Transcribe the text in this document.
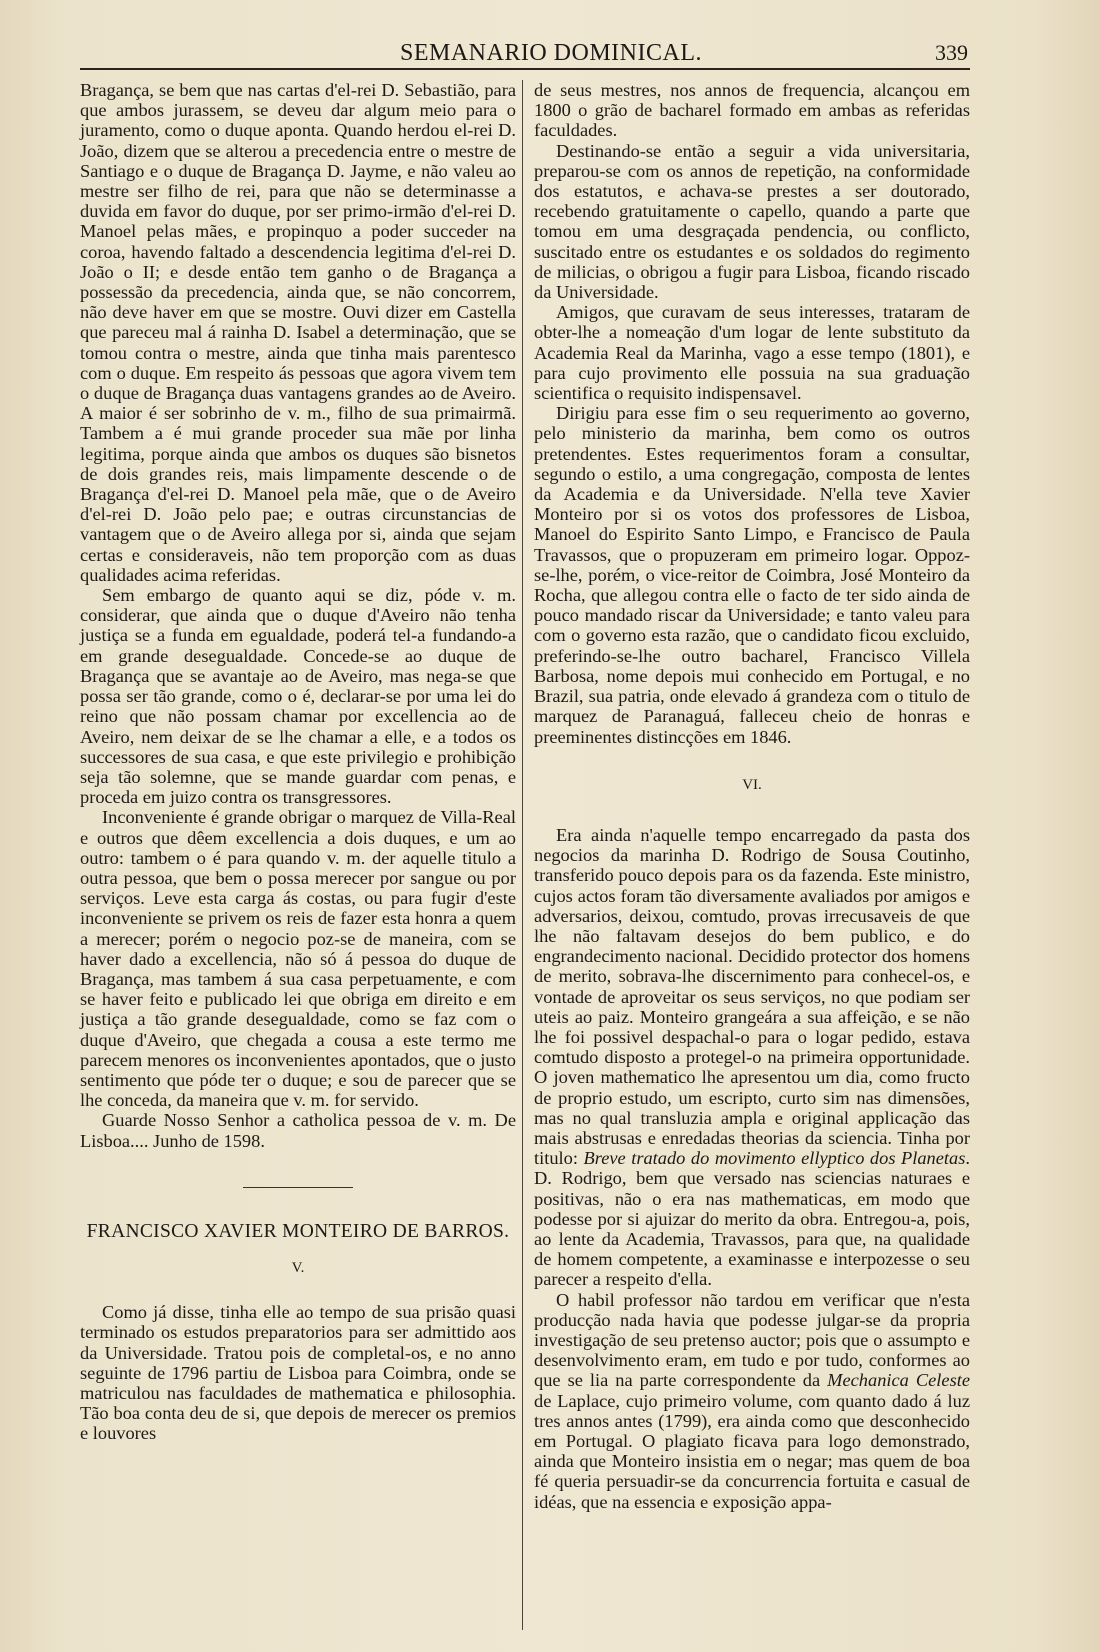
SEMANARIO DOMINICAL.	339

Bragança, se bem que nas cartas d'el-rei D. Sebastião, para que ambos jurassem, se deveu dar algum meio para o juramento, como o duque aponta. Quando herdou el-rei D. João, dizem que se alterou a precedencia entre o mestre de Santiago e o duque de Bragança D. Jayme, e não valeu ao mestre ser filho de rei, para que não se determinasse a duvida em favor do duque, por ser primo-irmão d'el-rei D. Manoel pelas mães, e propinquo a poder succeder na coroa, havendo faltado a descendencia legitima d'el-rei D. João o II; e desde então tem ganho o de Bragança a possessão da precedencia, ainda que, se não concorrem, não deve haver em que se mostre. Ouvi dizer em Castella que pareceu mal á rainha D. Isabel a determinação, que se tomou contra o mestre, ainda que tinha mais parentesco com o duque. Em respeito ás pessoas que agora vivem tem o duque de Bragança duas vantagens grandes ao de Aveiro. A maior é ser sobrinho de v. m., filho de sua primairmã. Tambem a é mui grande proceder sua mãe por linha legitima, porque ainda que ambos os duques são bisnetos de dois grandes reis, mais limpamente descende o de Bragança d'el-rei D. Manoel pela mãe, que o de Aveiro d'el-rei D. João pelo pae; e outras circunstancias de vantagem que o de Aveiro allega por si, ainda que sejam certas e consideraveis, não tem proporção com as duas qualidades acima referidas.

Sem embargo de quanto aqui se diz, póde v. m. considerar, que ainda que o duque d'Aveiro não tenha justiça se a funda em egualdade, poderá tel-a fundando-a em grande desegualdade. Concede-se ao duque de Bragança que se avantaje ao de Aveiro, mas nega-se que possa ser tão grande, como o é, declarar-se por uma lei do reino que não possam chamar por excellencia ao de Aveiro, nem deixar de se lhe chamar a elle, e a todos os successores de sua casa, e que este privilegio e prohibição seja tão solemne, que se mande guardar com penas, e proceda em juizo contra os transgressores.

Inconveniente é grande obrigar o marquez de Villa-Real e outros que dêem excellencia a dois duques, e um ao outro: tambem o é para quando v. m. der aquelle titulo a outra pessoa, que bem o possa merecer por sangue ou por serviços. Leve esta carga ás costas, ou para fugir d'este inconveniente se privem os reis de fazer esta honra a quem a merecer; porém o negocio poz-se de maneira, com se haver dado a excellencia, não só á pessoa do duque de Bragança, mas tambem á sua casa perpetuamente, e com se haver feito e publicado lei que obriga em direito e em justiça a tão grande desegualdade, como se faz com o duque d'Aveiro, que chegada a cousa a este termo me parecem menores os inconvenientes apontados, que o justo sentimento que póde ter o duque; e sou de parecer que se lhe conceda, da maneira que v. m. for servido.

Guarde Nosso Senhor a catholica pessoa de v. m. De Lisboa.... Junho de 1598.

FRANCISCO XAVIER MONTEIRO DE BARROS.
V.

Como já disse, tinha elle ao tempo de sua prisão quasi terminado os estudos preparatorios para ser admittido aos da Universidade. Tratou pois de completal-os, e no anno seguinte de 1796 partiu de Lisboa para Coimbra, onde se matriculou nas faculdades de mathematica e philosophia. Tão boa conta deu de si, que depois de merecer os premios e louvores

de seus mestres, nos annos de frequencia, alcançou em 1800 o grão de bacharel formado em ambas as referidas faculdades.

Destinando-se então a seguir a vida universitaria, preparou-se com os annos de repetição, na conformidade dos estatutos, e achava-se prestes a ser doutorado, recebendo gratuitamente o capello, quando a parte que tomou em uma desgraçada pendencia, ou conflicto, suscitado entre os estudantes e os soldados do regimento de milicias, o obrigou a fugir para Lisboa, ficando riscado da Universidade.

Amigos, que curavam de seus interesses, trataram de obter-lhe a nomeação d'um logar de lente substituto da Academia Real da Marinha, vago a esse tempo (1801), e para cujo provimento elle possuia na sua graduação scientifica o requisito indispensavel.

Dirigiu para esse fim o seu requerimento ao governo, pelo ministerio da marinha, bem como os outros pretendentes. Estes requerimentos foram a consultar, segundo o estilo, a uma congregação, composta de lentes da Academia e da Universidade. N'ella teve Xavier Monteiro por si os votos dos professores de Lisboa, Manoel do Espirito Santo Limpo, e Francisco de Paula Travassos, que o propuzeram em primeiro logar. Oppoz-se-lhe, porém, o vice-reitor de Coimbra, José Monteiro da Rocha, que allegou contra elle o facto de ter sido ainda de pouco mandado riscar da Universidade; e tanto valeu para com o governo esta razão, que o candidato ficou excluido, preferindo-se-lhe outro bacharel, Francisco Villela Barbosa, nome depois mui conhecido em Portugal, e no Brazil, sua patria, onde elevado á grandeza com o titulo de marquez de Paranaguá, falleceu cheio de honras e preeminentes distincções em 1846.

VI.

Era ainda n'aquelle tempo encarregado da pasta dos negocios da marinha D. Rodrigo de Sousa Coutinho, transferido pouco depois para os da fazenda. Este ministro, cujos actos foram tão diversamente avaliados por amigos e adversarios, deixou, comtudo, provas irrecusaveis de que lhe não faltavam desejos do bem publico, e do engrandecimento nacional. Decidido protector dos homens de merito, sobrava-lhe discernimento para conhecel-os, e vontade de aproveitar os seus serviços, no que podiam ser uteis ao paiz. Monteiro grangeára a sua affeição, e se não lhe foi possivel despachal-o para o logar pedido, estava comtudo disposto a protegel-o na primeira opportunidade. O joven mathematico lhe apresentou um dia, como fructo de proprio estudo, um escripto, curto sim nas dimensões, mas no qual transluzia ampla e original applicação das mais abstrusas e enredadas theorias da sciencia. Tinha por titulo: Breve tratado do movimento ellyptico dos Planetas. D. Rodrigo, bem que versado nas sciencias naturaes e positivas, não o era nas mathematicas, em modo que podesse por si ajuizar do merito da obra. Entregou-a, pois, ao lente da Academia, Travassos, para que, na qualidade de homem competente, a examinasse e interpozesse o seu parecer a respeito d'ella.

O habil professor não tardou em verificar que n'esta producção nada havia que podesse julgar-se da propria investigação de seu pretenso auctor; pois que o assumpto e desenvolvimento eram, em tudo e por tudo, conformes ao que se lia na parte correspondente da Mechanica Celeste de Laplace, cujo primeiro volume, com quanto dado á luz tres annos antes (1799), era ainda como que desconhecido em Portugal. O plagiato ficava para logo demonstrado, ainda que Monteiro insistia em o negar; mas quem de boa fé queria persuadir-se da concurrencia fortuita e casual de idéas, que na essencia e exposição appa-
